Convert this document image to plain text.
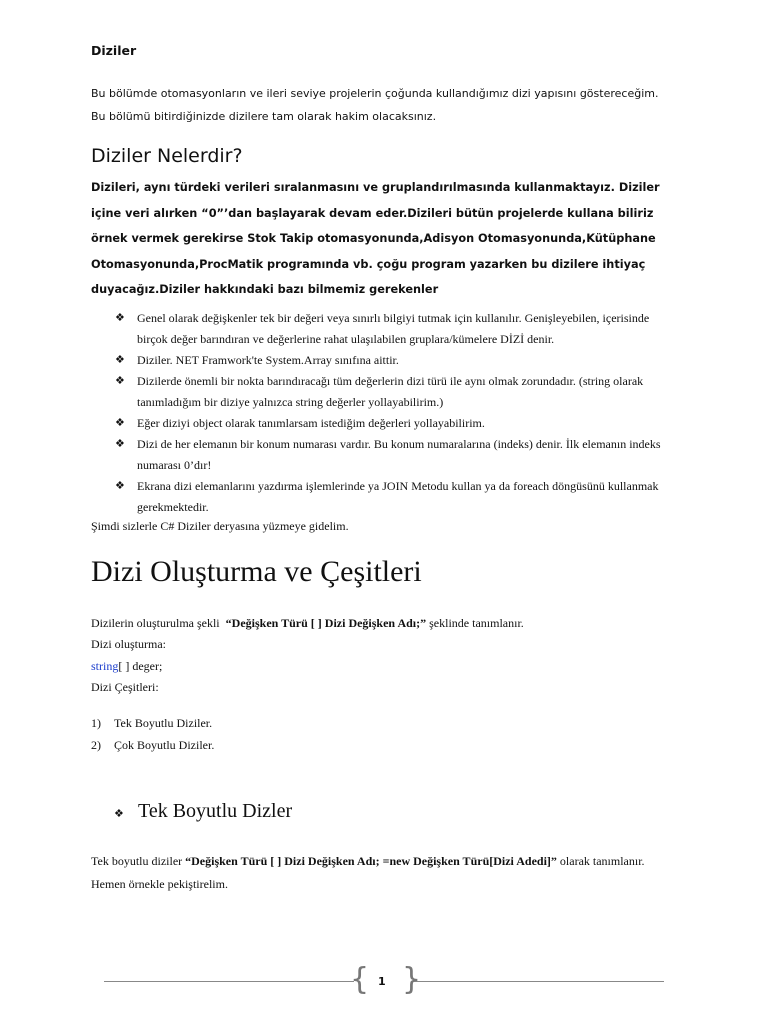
Diziler
Bu bölümde otomasyonların ve ileri seviye projelerin çoğunda kullandığımız dizi yapısını göstereceğim. Bu bölümü bitirdiğinizde dizilere tam olarak hakim olacaksınız.
Diziler Nelerdir?
Dizileri, aynı türdeki verileri sıralanmasını ve gruplandırılmasında kullanmaktayız. Diziler içine veri alırken “0”’dan başlayarak devam eder.Dizileri bütün projelerde kullana biliriz örnek vermek gerekirse Stok Takip otomasyonunda,Adisyon Otomasyonunda,Kütüphane Otomasyonunda,ProcMatik programında vb. çoğu program yazarken bu dizilere ihtiyaç duyacağız.Diziler hakkındaki bazı bilmemiz gerekenler
❖ Genel olarak değişkenler tek bir değeri veya sınırlı bilgiyi tutmak için kullanılır. Genişleyebilen, içerisinde birçok değer barındıran ve değerlerine rahat ulaşılabilen gruplara/kümelere DİZİ denir.
❖ Diziler. NET Framwork'te System.Array sınıfına aittir.
❖ Dizilerde önemli bir nokta barındıracağı tüm değerlerin dizi türü ile aynı olmak zorundadır. (string olarak tanımladığım bir diziye yalnızca string değerler yollayabilirim.)
❖ Eğer diziyi object olarak tanımlarsam istediğim değerleri yollayabilirim.
❖ Dizi de her elemanın bir konum numarası vardır. Bu konum numaralarına (indeks) denir. İlk elemanın indeks numarası 0’dır!
❖ Ekrana dizi elemanlarını yazdırma işlemlerinde ya JOIN Metodu kullan ya da foreach döngüsünü kullanmak gerekmektedir.
Şimdi sizlerle C# Diziler deryasına yüzmeye gidelim.
Dizi Oluşturma ve Çeşitleri
Dizilerin oluşturulma şekli “Değişken Türü [ ] Dizi Değişken Adı;” şeklinde tanımlanır.
Dizi oluşturma:
string[ ] deger;
Dizi Çeşitleri:
1) Tek Boyutlu Diziler.
2) Çok Boyutlu Diziler.
❖ Tek Boyutlu Dizler
Tek boyutlu diziler “Değişken Türü [ ] Dizi Değişken Adı; =new Değişken Türü[Dizi Adedi]” olarak tanımlanır. Hemen örnekle pekiştirelim.
{ }
1
